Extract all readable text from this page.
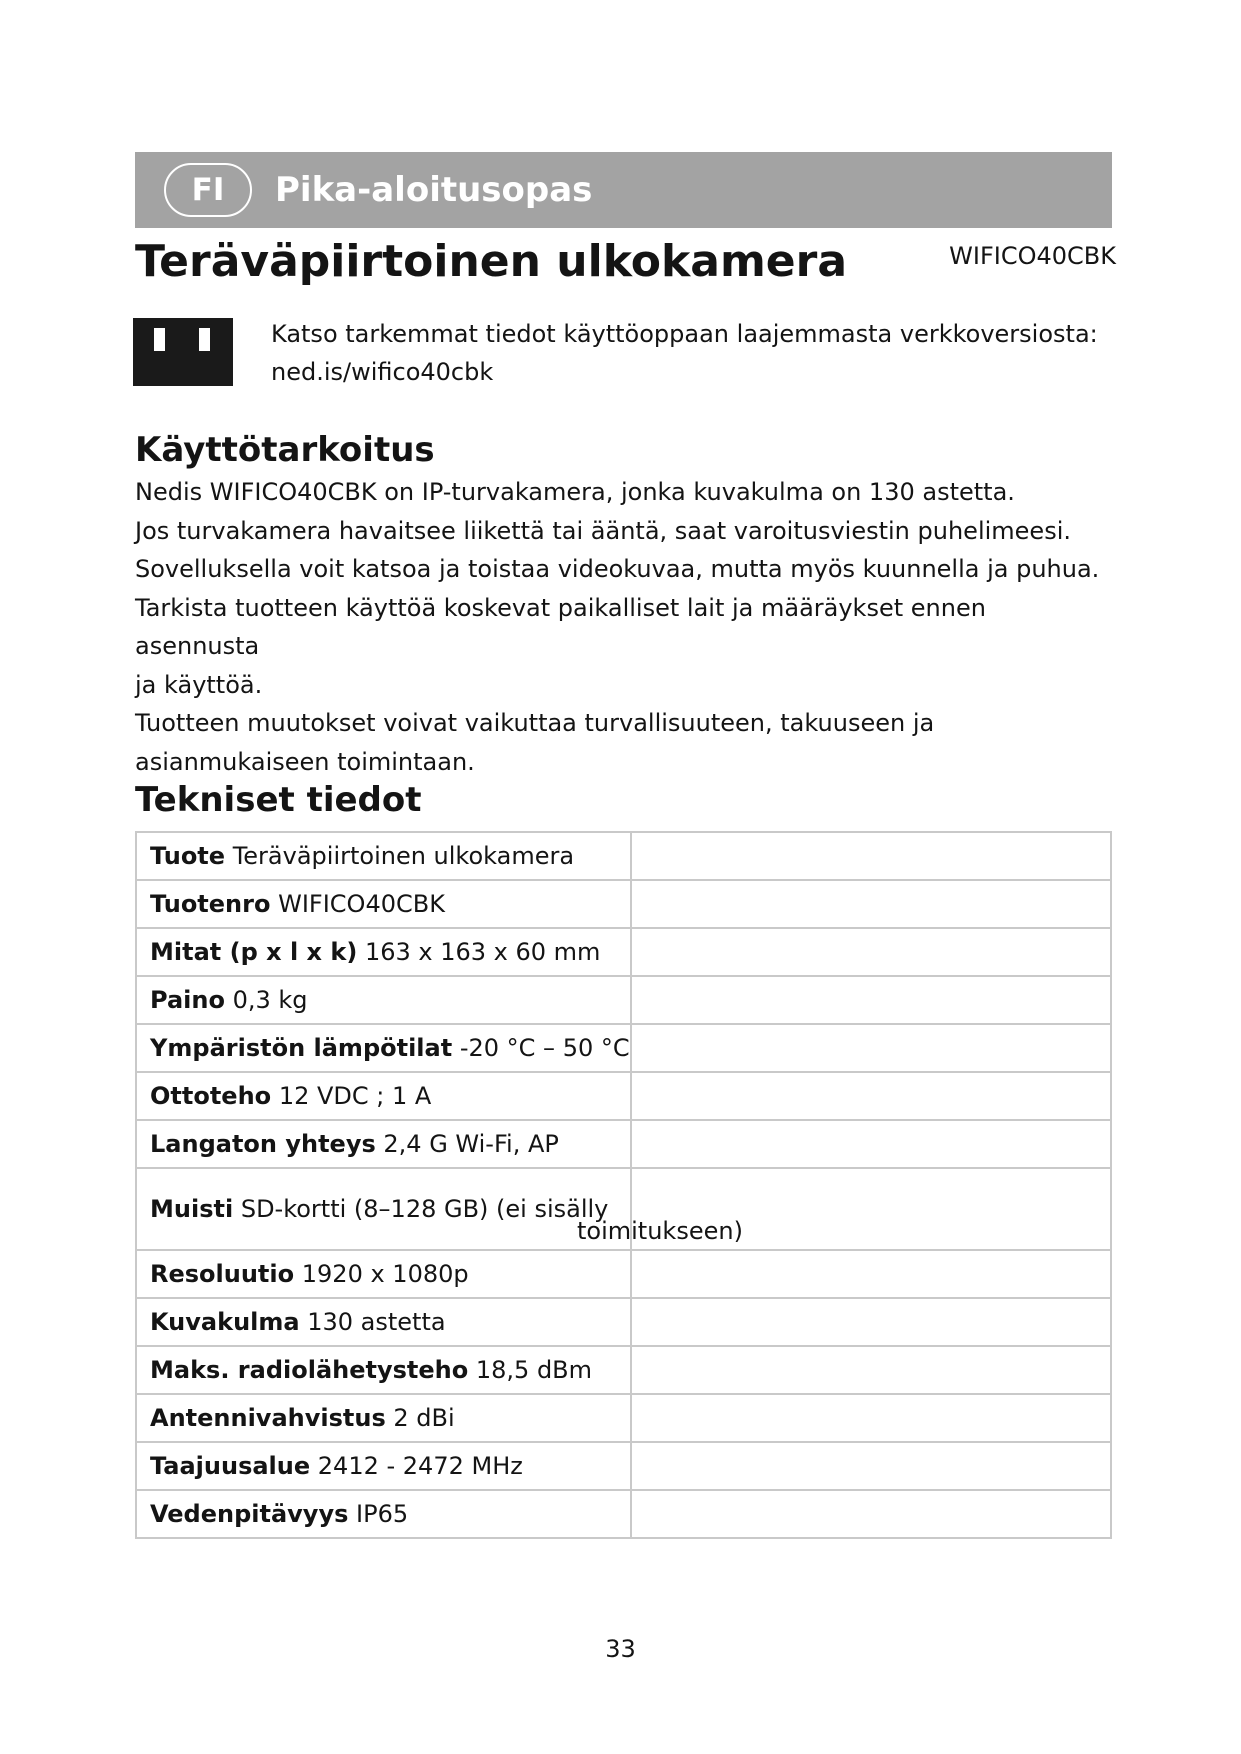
FI	Pika-aloitusopas
Teräväpiirtoinen ulkokamera	WIFICO40CBK
Katso tarkemmat tiedot käyttöoppaan laajemmasta verkkoversiosta:
ned.is/wifico40cbk
Käyttötarkoitus

Nedis WIFICO40CBK on IP-turvakamera, jonka kuvakulma on 130 astetta.

Jos turvakamera havaitsee liikettä tai ääntä, saat varoitusviestin puhelimeesi.

Sovelluksella voit katsoa ja toistaa videokuvaa, mutta myös kuunnella ja puhua.

Tarkista tuotteen käyttöä koskevat paikalliset lait ja määräykset ennen asennusta

ja käyttöä.

Tuotteen muutokset voivat vaikuttaa turvallisuuteen, takuuseen ja

asianmukaiseen toimintaan.

Tekniset tiedot
Tuote Teräväpiirtoinen ulkokamera	
Tuotenro WIFICO40CBK	
Mitat (p x l x k) 163 x 163 x 60 mm	
Paino 0,3 kg	
Ympäristön lämpötilat -20 °C – 50 °C	
Ottoteho 12 VDC ; 1 A	
Langaton yhteys 2,4 G Wi-Fi, AP	
Muisti SD-kortti (8–128 GB) (ei sisälly
toimitukseen)	

Resoluutio 1920 x 1080p	
Kuvakulma 130 astetta	
Maks. radiolähetysteho 18,5 dBm	
Antennivahvistus 2 dBi	
Taajuusalue 2412 - 2472 MHz	
Vedenpitävyys IP65	
33
